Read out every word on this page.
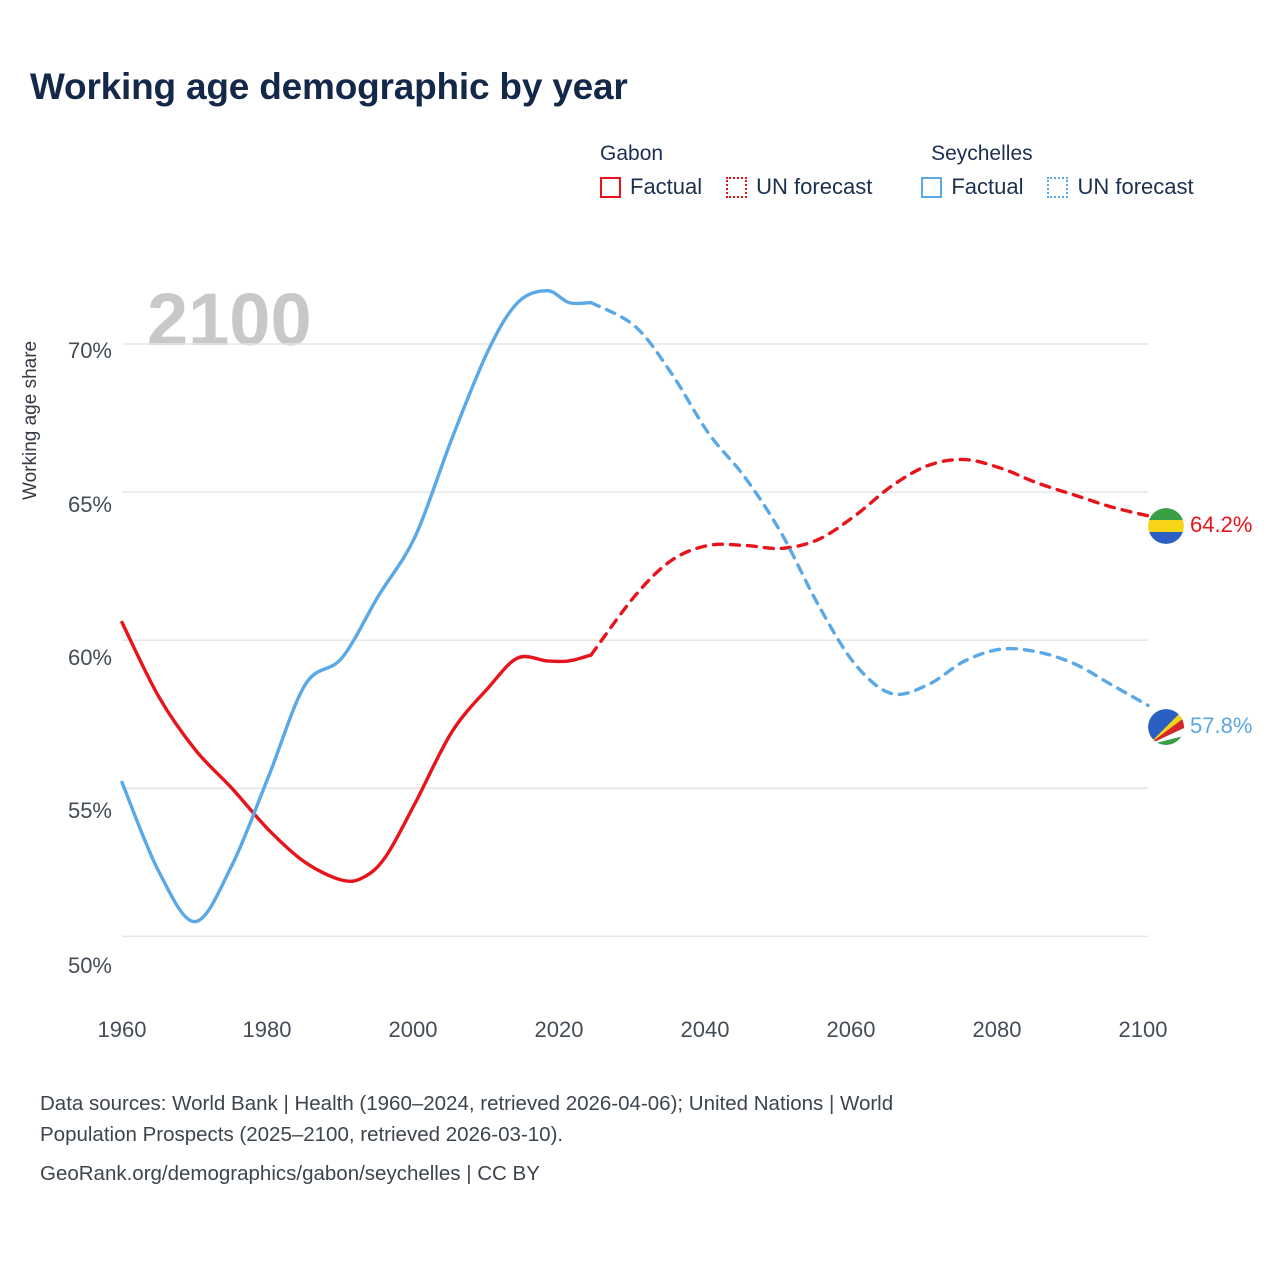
Working age demographic by year
Gabon	Seychelles
Factual UN forecast	Factual UN forecast
2100
Working age share
50%
55%
60%
65%
70%
1960	1980	2000	2020	2040	2060	2080	2100
64.2%
57.8%
Data sources: World Bank | Health (1960–2024, retrieved 2026-04-06); United Nations | World
Population Prospects (2025–2100, retrieved 2026-03-10).
GeoRank.org/demographics/gabon/seychelles | CC BY
